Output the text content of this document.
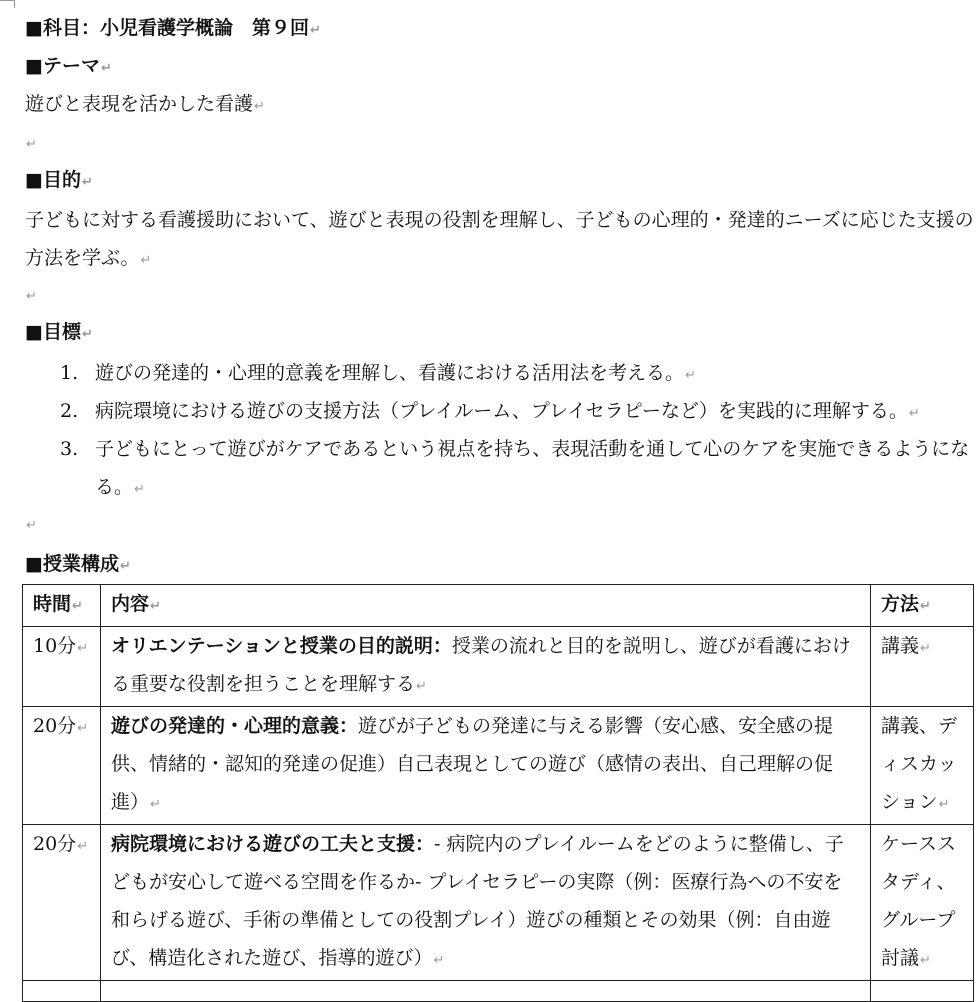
■科目：小児看護学概論　第９回↵
■テーマ↵
遊びと表現を活かした看護↵
↵
■目的↵
子どもに対する看護援助において、遊びと表現の役割を理解し、子どもの心理的・発達的ニーズに応じた支援の方法を学ぶ。↵
↵
■目標↵
1. 遊びの発達的・心理的意義を理解し、看護における活用法を考える。↵
2. 病院環境における遊びの支援方法（プレイルーム、プレイセラピーなど）を実践的に理解する。↵
3. 子どもにとって遊びがケアであるという視点を持ち、表現活動を通して心のケアを実施できるようになる。↵
↵
■授業構成↵
時間↵	内容↵	方法↵
10分↵	オリエンテーションと授業の目的説明：授業の流れと目的を説明し、遊びが看護における重要な役割を担うことを理解する↵	講義↵
20分↵	遊びの発達的・心理的意義：遊びが子どもの発達に与える影響（安心感、安全感の提供、情緒的・認知的発達の促進）自己表現としての遊び（感情の表出、自己理解の促進）↵	講義、ディスカッション↵
20分↵	病院環境における遊びの工夫と支援：- 病院内のプレイルームをどのように整備し、子どもが安心して遊べる空間を作るか- プレイセラピーの実際（例：医療行為への不安を和らげる遊び、手術の準備としての役割プレイ）遊びの種類とその効果（例：自由遊び、構造化された遊び、指導的遊び）↵	ケーススタディ、グループ討議↵
